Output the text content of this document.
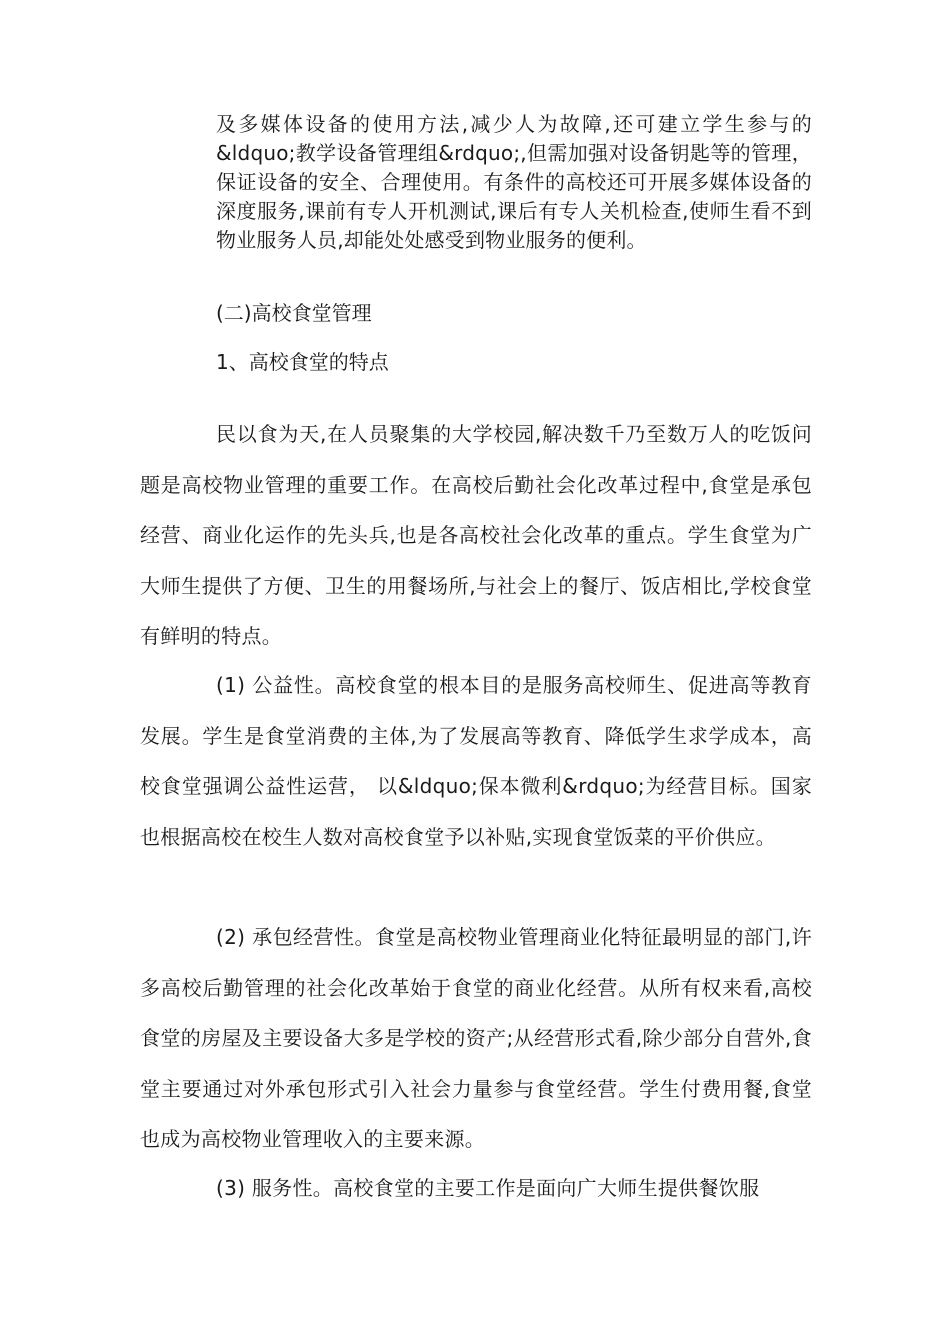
及多媒体设备的使用方法,减少人为故障,还可建立学生参与的&ldquo;教学设备管理组&rdquo;,但需加强对设备钥匙等的管理，保证设备的安全、合理使用。有条件的高校还可开展多媒体设备的深度服务,课前有专人开机测试,课后有专人关机检查,使师生看不到物业服务人员,却能处处感受到物业服务的便利。
(二)高校食堂管理
1、高校食堂的特点

民以食为天,在人员聚集的大学校园,解决数千乃至数万人的吃饭问题是高校物业管理的重要工作。在高校后勤社会化改革过程中,食堂是承包经营、商业化运作的先头兵,也是各高校社会化改革的重点。学生食堂为广大师生提供了方便、卫生的用餐场所,与社会上的餐厅、饭店相比,学校食堂有鲜明的特点。

(1) 公益性。高校食堂的根本目的是服务高校师生、促进高等教育发展。学生是食堂消费的主体,为了发展高等教育、降低学生求学成本，高校食堂强调公益性运营， 以&ldquo;保本微利&rdquo;为经营目标。国家也根据高校在校生人数对高校食堂予以补贴,实现食堂饭菜的平价供应。

(2) 承包经营性。食堂是高校物业管理商业化特征最明显的部门,许多高校后勤管理的社会化改革始于食堂的商业化经营。从所有权来看,高校食堂的房屋及主要设备大多是学校的资产;从经营形式看,除少部分自营外,食堂主要通过对外承包形式引入社会力量参与食堂经营。学生付费用餐,食堂也成为高校物业管理收入的主要来源。

(3) 服务性。高校食堂的主要工作是面向广大师生提供餐饮服
